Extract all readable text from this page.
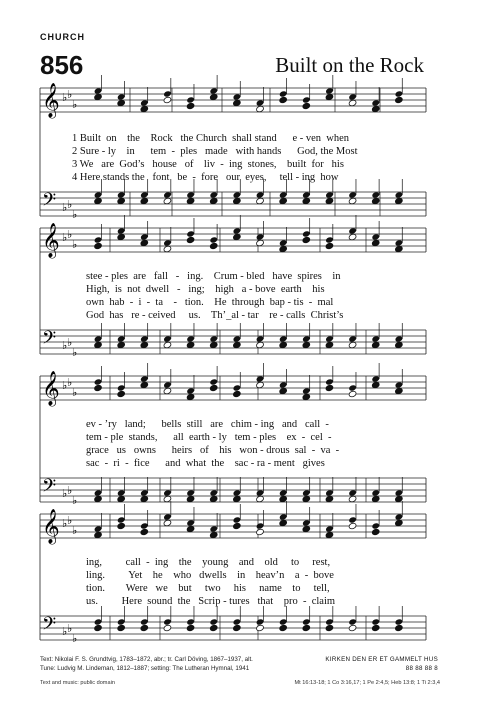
CHURCH
856	Built on the Rock
𝄞 ♭ ♭
♭
𝄢 ♭ ♭
♭
𝄞 ♭ ♭
♭
𝄢 ♭ ♭
♭
𝄞 ♭ ♭
♭
𝄢 ♭ ♭
♭
𝄞 ♭ ♭
♭
𝄢 ♭ ♭
♭
1 Built  on    the    Rock   the Church  shall stand      e - ven  when
2 Sure - ly    in      tem  -  ples   made   with hands      God, the Most
3 We   are  God’s   house   of    liv  -  ing  stones,    built  for   his
4 Here stands the   font   be  -  fore   our  eyes,     tell - ing  how
stee - ples  are   fall   -   ing.    Crum - bled   have  spires    in
High,  is  not  dwell   -   ing;    high   a - bove  earth    his
own  hab  -  i  -  ta    -   tion.    He  through  bap - tis  -  mal
God  has   re - ceived     us.    Th’_al - tar    re - calls  Christ’s
ev - ’ry   land;      bells  still   are   chim - ing   and   call  -
tem - ple  stands,      all  earth - ly   tem - ples    ex  -  cel  -
grace   us   owns      heirs   of    his   won - drous  sal  -  va  -
sac  -  ri  -  fice      and  what  the    sac - ra - ment   gives
ing,         call  -  ing    the    young    and    old     to     rest,
ling.         Yet    he    who   dwells    in    heav’n    a  -  bove
tion.        Were   we    but     two     his     name    to     tell,
us.         Here  sound  the   Scrip - tures   that    pro  -  claim
Text: Nikolai F. S. Grundtvig, 1783–1872, abr.; tr. Carl Döving, 1867–1937, alt.
Tune: Ludvig M. Lindeman, 1812–1887; setting: The Lutheran Hymnal, 1941
KIRKEN DEN ER ET GAMMELT HUS
88 88 88 8
Text and music: public domain	Mt 16:13-18; 1 Co 3:16,17; 1 Pe 2:4,5; Heb 13:8; 1 Ti 2:3,4
